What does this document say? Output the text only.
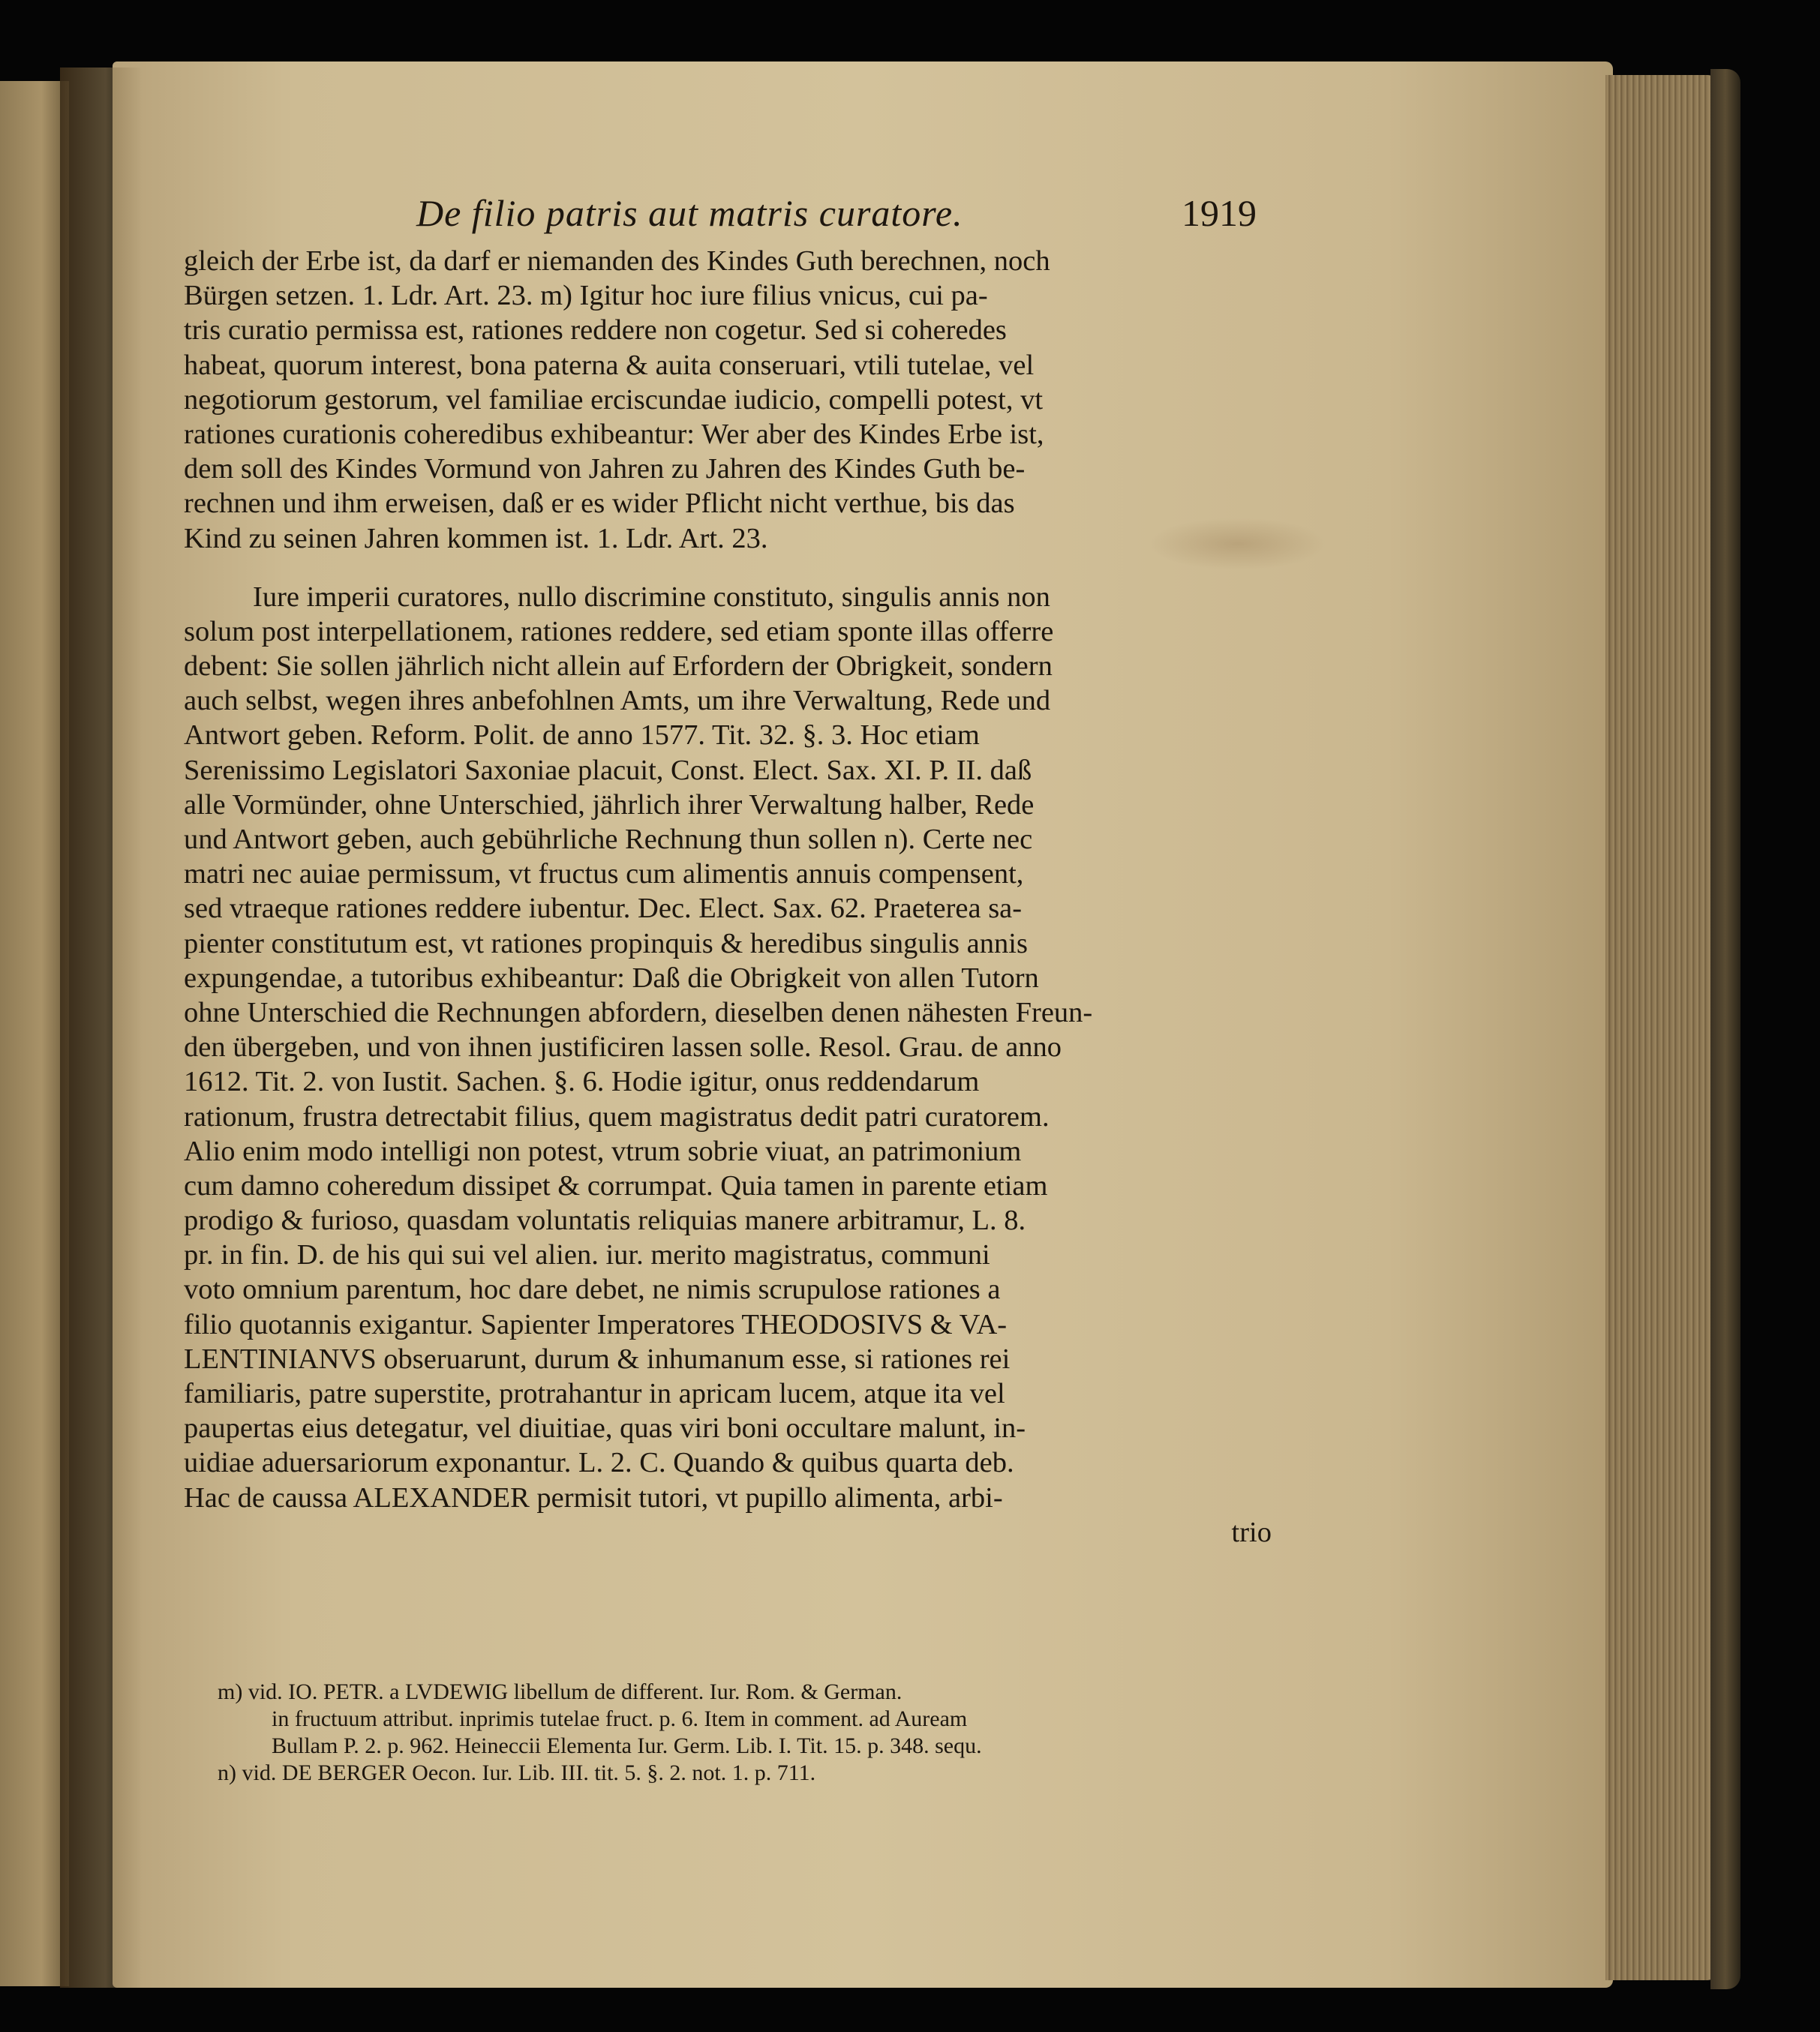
De filio patris aut matris curatore.	1919
gleich der Erbe ist, da darf er niemanden des Kindes Guth berechnen, noch
Bürgen setzen. 1. Ldr. Art. 23. m) Igitur hoc iure filius vnicus, cui pa-
tris curatio permissa est, rationes reddere non cogetur. Sed si coheredes
habeat, quorum interest, bona paterna & auita conseruari, vtili tutelae, vel
negotiorum gestorum, vel familiae erciscundae iudicio, compelli potest, vt
rationes curationis coheredibus exhibeantur: Wer aber des Kindes Erbe ist,
dem soll des Kindes Vormund von Jahren zu Jahren des Kindes Guth be-
rechnen und ihm erweisen, daß er es wider Pflicht nicht verthue, bis das
Kind zu seinen Jahren kommen ist. 1. Ldr. Art. 23.
Iure imperii curatores, nullo discrimine constituto, singulis annis non
solum post interpellationem, rationes reddere, sed etiam sponte illas offerre
debent: Sie sollen jährlich nicht allein auf Erfordern der Obrigkeit, sondern
auch selbst, wegen ihres anbefohlnen Amts, um ihre Verwaltung, Rede und
Antwort geben. Reform. Polit. de anno 1577. Tit. 32. §. 3. Hoc etiam
Serenissimo Legislatori Saxoniae placuit, Const. Elect. Sax. XI. P. II. daß
alle Vormünder, ohne Unterschied, jährlich ihrer Verwaltung halber, Rede
und Antwort geben, auch gebührliche Rechnung thun sollen n). Certe nec
matri nec auiae permissum, vt fructus cum alimentis annuis compensent,
sed vtraeque rationes reddere iubentur. Dec. Elect. Sax. 62. Praeterea sa-
pienter constitutum est, vt rationes propinquis & heredibus singulis annis
expungendae, a tutoribus exhibeantur: Daß die Obrigkeit von allen Tutorn
ohne Unterschied die Rechnungen abfordern, dieselben denen nähesten Freun-
den übergeben, und von ihnen justificiren lassen solle. Resol. Grau. de anno
1612. Tit. 2. von Iustit. Sachen. §. 6. Hodie igitur, onus reddendarum
rationum, frustra detrectabit filius, quem magistratus dedit patri curatorem.
Alio enim modo intelligi non potest, vtrum sobrie viuat, an patrimonium
cum damno coheredum dissipet & corrumpat. Quia tamen in parente etiam
prodigo & furioso, quasdam voluntatis reliquias manere arbitramur, L. 8.
pr. in fin. D. de his qui sui vel alien. iur. merito magistratus, communi
voto omnium parentum, hoc dare debet, ne nimis scrupulose rationes a
filio quotannis exigantur. Sapienter Imperatores THEODOSIVS & VA-
LENTINIANVS obseruarunt, durum & inhumanum esse, si rationes rei
familiaris, patre superstite, protrahantur in apricam lucem, atque ita vel
paupertas eius detegatur, vel diuitiae, quas viri boni occultare malunt, in-
uidiae aduersariorum exponantur. L. 2. C. Quando & quibus quarta deb.
Hac de caussa ALEXANDER permisit tutori, vt pupillo alimenta, arbi-
trio
m) vid. IO. PETR. a LVDEWIG libellum de different. Iur. Rom. & German.
in fructuum attribut. inprimis tutelae fruct. p. 6. Item in comment. ad Auream
Bullam P. 2. p. 962. Heineccii Elementa Iur. Germ. Lib. I. Tit. 15. p. 348. sequ.
n) vid. DE BERGER Oecon. Iur. Lib. III. tit. 5. §. 2. not. 1. p. 711.
